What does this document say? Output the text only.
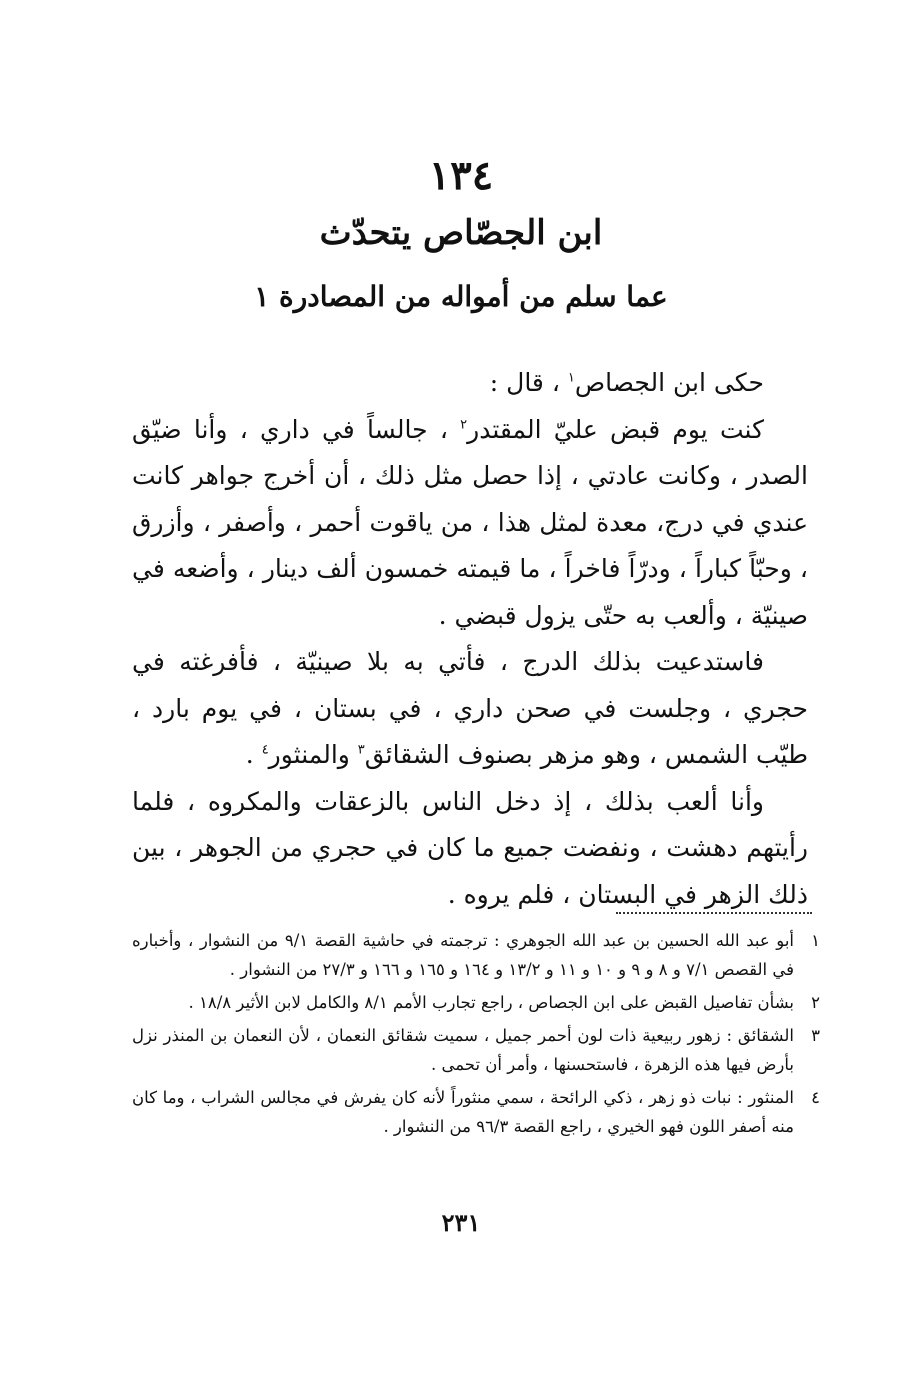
١٣٤
ابن الجصّاص يتحدّث
عما سلم من أمواله من المصادرة ١

حكى ابن الجصاص$^١$ ، قال :

كنت يوم قبض عليّ المقتدر$^٢$ ، جالساً في داري ، وأنا ضيّق الصدر ، وكانت عادتي ، إذا حصل مثل ذلك ، أن أخرج جواهر كانت عندي في درج، معدة لمثل هذا ، من ياقوت أحمر ، وأصفر ، وأزرق ، وحبّاً كباراً ، ودرّاً فاخراً ، ما قيمته خمسون ألف دينار ، وأضعه في صينيّة ، وألعب به حتّى يزول قبضي .

فاستدعيت بذلك الدرج ، فأتي به بلا صينيّة ، فأفرغته في حجري ، وجلست في صحن داري ، في بستان ، في يوم بارد ، طيّب الشمس ، وهو مزهر بصنوف الشقائق$^٣$ والمنثور$^٤$ .

وأنا ألعب بذلك ، إذ دخل الناس بالزعقات والمكروه ، فلما رأيتهم دهشت ، ونفضت جميع ما كان في حجري من الجوهر ، بين ذلك الزهر في البستان ، فلم يروه .

١
أبو عبد الله الحسين بن عبد الله الجوهري : ترجمته في حاشية القصة ٩/١ من النشوار ، وأخباره في القصص ٧/١ و ٨ و ٩ و ١٠ و ١١ و ١٣/٢ و ١٦٤ و ١٦٥ و ١٦٦ و ٢٧/٣ من النشوار .
٢
بشأن تفاصيل القبض على ابن الجصاص ، راجع تجارب الأمم ٨/١ والكامل لابن الأثير ١٨/٨ .
٣
الشقائق : زهور ربيعية ذات لون أحمر جميل ، سميت شقائق النعمان ، لأن النعمان بن المنذر نزل بأرض فيها هذه الزهرة ، فاستحسنها ، وأمر أن تحمى .
٤
المنثور : نبات ذو زهر ، ذكي الرائحة ، سمي منثوراً لأنه كان يفرش في مجالس الشراب ، وما كان منه أصفر اللون فهو الخيري ، راجع القصة ٩٦/٣ من النشوار .
٢٣١
